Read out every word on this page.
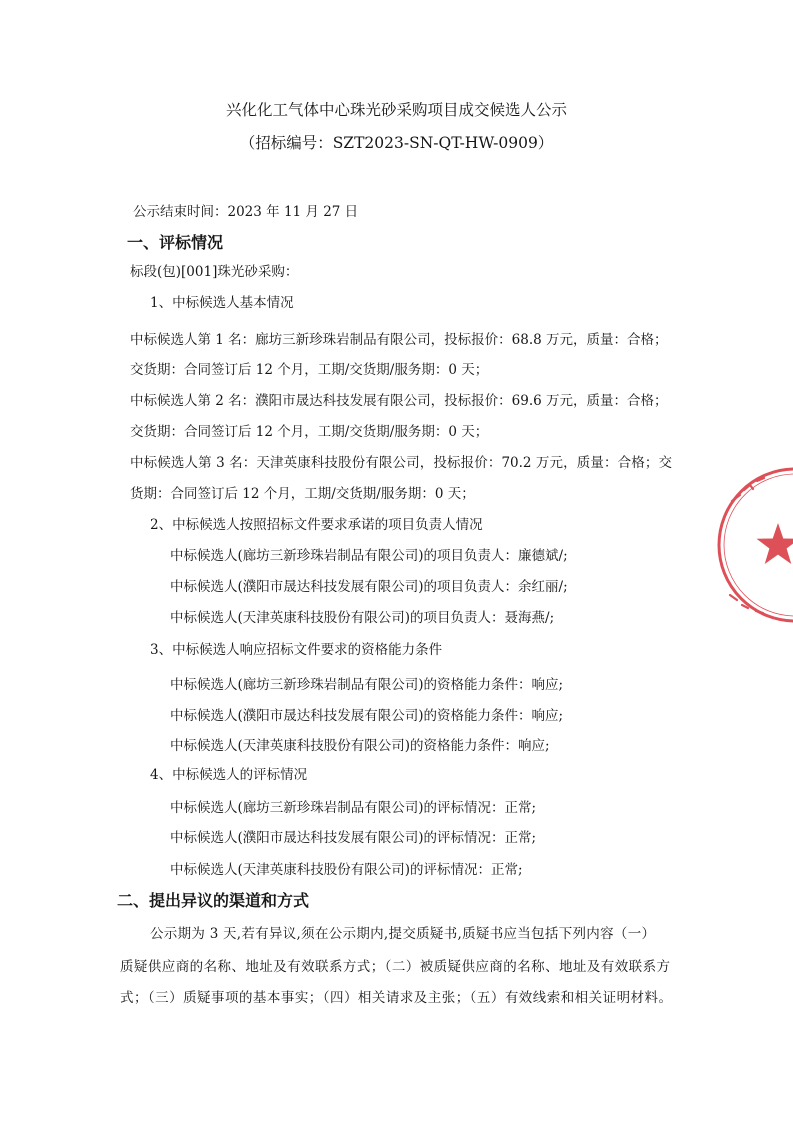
兴化化工气体中心珠光砂采购项目成交候选人公示
（招标编号：SZT2023-SN-QT-HW-0909）
公示结束时间：2023 年 11 月 27 日
一、评标情况
标段(包)[001]珠光砂采购：
1、中标候选人基本情况
中标候选人第 1 名：廊坊三新珍珠岩制品有限公司，投标报价：68.8 万元，质量：合格；
交货期：合同签订后 12 个月，工期/交货期/服务期：0 天；
中标候选人第 2 名：濮阳市晟达科技发展有限公司，投标报价：69.6 万元，质量：合格；
交货期：合同签订后 12 个月，工期/交货期/服务期：0 天；
中标候选人第 3 名：天津英康科技股份有限公司，投标报价：70.2 万元，质量：合格；交
货期：合同签订后 12 个月，工期/交货期/服务期：0 天；
2、中标候选人按照招标文件要求承诺的项目负责人情况
中标候选人(廊坊三新珍珠岩制品有限公司)的项目负责人：廉德斌/;
中标候选人(濮阳市晟达科技发展有限公司)的项目负责人：余红丽/;
中标候选人(天津英康科技股份有限公司)的项目负责人：聂海燕/;
3、中标候选人响应招标文件要求的资格能力条件
中标候选人(廊坊三新珍珠岩制品有限公司)的资格能力条件：响应;
中标候选人(濮阳市晟达科技发展有限公司)的资格能力条件：响应;
中标候选人(天津英康科技股份有限公司)的资格能力条件：响应;
4、中标候选人的评标情况
中标候选人(廊坊三新珍珠岩制品有限公司)的评标情况：正常;
中标候选人(濮阳市晟达科技发展有限公司)的评标情况：正常;
中标候选人(天津英康科技股份有限公司)的评标情况：正常;
二、提出异议的渠道和方式
公示期为 3 天,若有异议,须在公示期内,提交质疑书,质疑书应当包括下列内容（一）
质疑供应商的名称、地址及有效联系方式；（二）被质疑供应商的名称、地址及有效联系方
式；（三）质疑事项的基本事实；（四）相关请求及主张；（五）有效线索和相关证明材料。
